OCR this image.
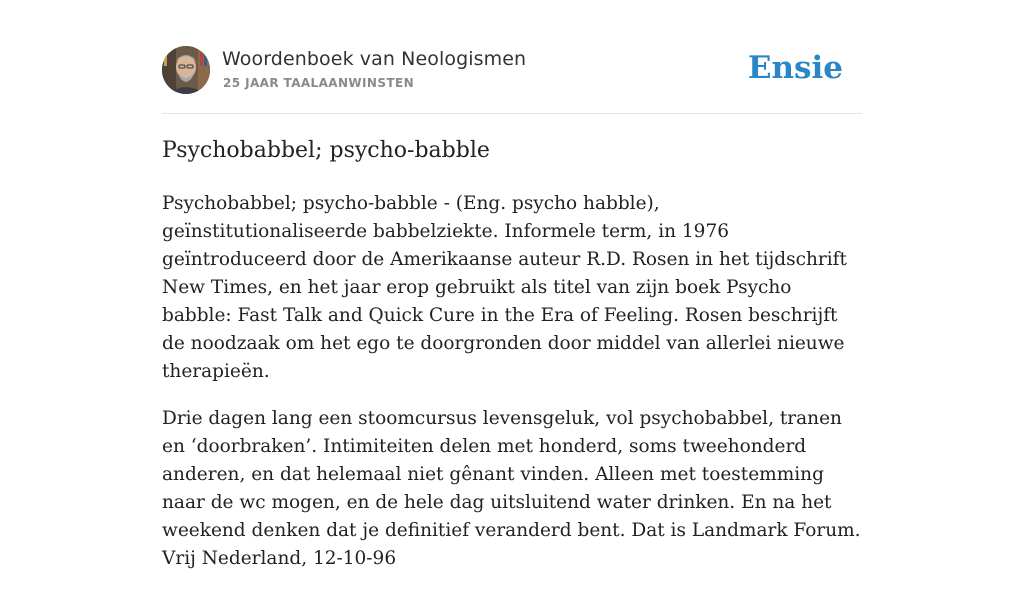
Woordenboek van Neologismen
25 JAAR TAALAANWINSTEN	Ensie
Psychobabbel; psycho-babble

Psychobabbel; psycho-babble - (Eng. psycho habble), geïnstitutionaliseerde babbelziekte. Informele term, in 1976 geïntroduceerd door de Amerikaanse auteur R.D. Rosen in het tijdschrift New Times, en het jaar erop gebruikt als titel van zijn boek Psycho babble: Fast Talk and Quick Cure in the Era of Feeling. Rosen beschrijft de noodzaak om het ego te doorgronden door middel van allerlei nieuwe therapieën.

Drie dagen lang een stoomcursus levensgeluk, vol psychobabbel, tranen en ‘doorbraken’. Intimiteiten delen met honderd, soms tweehonderd anderen, en dat helemaal niet gênant vinden. Alleen met toestemming naar de wc mogen, en de hele dag uitsluitend water drinken. En na het weekend denken dat je definitief veranderd bent. Dat is Landmark Forum. Vrij Nederland, 12-10-96
